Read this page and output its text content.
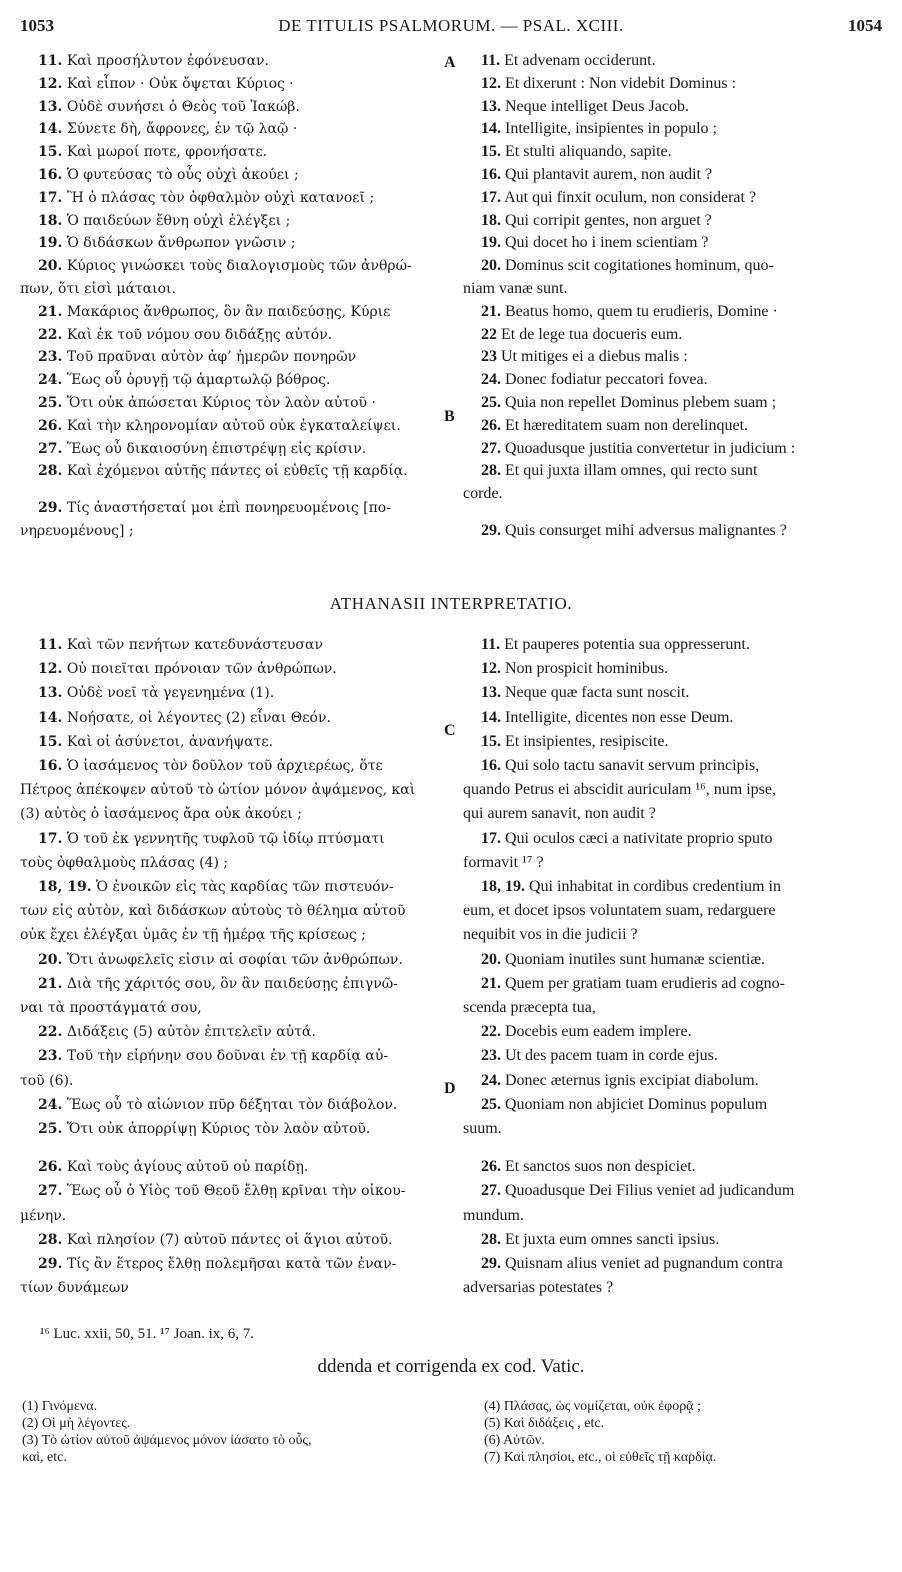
1053	DE TITULIS PSALMORUM. — PSAL. XCIII.	1054
11. Καὶ προσήλυτον ἐφόνευσαν.
12. Καὶ εἶπον · Οὐκ ὄψεται Κύριος ·
13. Οὐδὲ συνήσει ὁ Θεὸς τοῦ Ἰακώβ.
14. Σύνετε δὴ, ἄφρονες, ἐν τῷ λαῷ ·
15. Καὶ μωροί ποτε, φρονήσατε.
16. Ὁ φυτεύσας τὸ οὖς οὐχὶ ἀκούει ;
17. Ἢ ὁ πλάσας τὸν ὀφθαλμὸν οὐχὶ κατανοεῖ ;
18. Ὁ παιδεύων ἔθνη οὐχὶ ἐλέγξει ;
19. Ὁ διδάσκων ἄνθρωπον γνῶσιν ;
20. Κύριος γινώσκει τοὺς διαλογισμοὺς τῶν ἀνθρώ-
πων, ὅτι εἰσὶ μάταιοι.
21. Μακάριος ἄνθρωπος, ὃν ἂν παιδεύσῃς, Κύριε
22. Καὶ ἐκ τοῦ νόμου σου διδάξῃς αὐτόν.
23. Τοῦ πραῦναι αὐτὸν ἀφ’ ἡμερῶν πονηρῶν
24. Ἕως οὗ ὀρυγῇ τῷ ἁμαρτωλῷ βόθρος.
25. Ὅτι οὐκ ἀπώσεται Κύριος τὸν λαὸν αὐτοῦ ·
26. Καὶ τὴν κληρονομίαν αὐτοῦ οὐκ ἐγκαταλείψει.
27. Ἕως οὗ δικαιοσύνη ἐπιστρέψῃ εἰς κρίσιν.
28. Καὶ ἐχόμενοι αὐτῆς πάντες οἱ εὐθεῖς τῇ καρδίᾳ.
29. Τίς ἀναστήσεταί μοι ἐπὶ πονηρευομένοις [πο-
νηρευομένους] ;
11. Et advenam occiderunt.
12. Et dixerunt : Non videbit Dominus :
13. Neque intelliget Deus Jacob.
14. Intelligite, insipientes in populo ;
15. Et stulti aliquando, sapite.
16. Qui plantavit aurem, non audit ?
17. Aut qui finxit oculum, non considerat ?
18. Qui corripit gentes, non arguet ?
19. Qui docet ho i inem scientiam ?
20. Dominus scit cogitationes hominum, quo-
niam vanæ sunt.
21. Beatus homo, quem tu erudieris, Domine ·
22 Et de lege tua docueris eum.
23 Ut mitiges ei a diebus malis :
24. Donec fodiatur peccatori fovea.
25. Quia non repellet Dominus plebem suam ;
26. Et hæreditatem suam non derelinquet.
27. Quoadusque justitia convertetur in judicium :
28. Et qui juxta illam omnes, qui recto sunt
corde.
29. Quis consurget mihi adversus malignantes ?
A
B
ATHANASII INTERPRETATIO.
11. Καὶ τῶν πενήτων κατεδυνάστευσαν
12. Οὐ ποιεῖται πρόνοιαν τῶν ἀνθρώπων.
13. Οὐδὲ νοεῖ τὰ γεγενημένα (1).
14. Νοήσατε, οἱ λέγοντες (2) εἶναι Θεόν.
15. Καὶ οἱ ἀσύνετοι, ἀνανήψατε.
16. Ὁ ἰασάμενος τὸν δοῦλον τοῦ ἀρχιερέως, ὅτε
Πέτρος ἀπέκοψεν αὐτοῦ τὸ ὠτίον μόνον ἀψάμενος, καὶ
(3) αὐτὸς ὁ ἰασάμενος ἄρα οὐκ ἀκούει ;
17. Ὁ τοῦ ἐκ γεννητῆς τυφλοῦ τῷ ἰδίῳ πτύσματι
τοὺς ὀφθαλμοὺς πλάσας (4) ;
18, 19. Ὁ ἐνοικῶν εἰς τὰς καρδίας τῶν πιστευόν-
των εἰς αὐτὸν, καὶ διδάσκων αὐτοὺς τὸ θέλημα αὐτοῦ
οὐκ ἔχει ἐλέγξαι ὑμᾶς ἐν τῇ ἡμέρᾳ τῆς κρίσεως ;
20. Ὅτι ἀνωφελεῖς εἰσιν αἱ σοφίαι τῶν ἀνθρώπων.
21. Διὰ τῆς χάριτός σου, ὃν ἂν παιδεύσῃς ἐπιγνῶ-
ναι τὰ προστάγματά σου,
22. Διδάξεις (5) αὐτὸν ἐπιτελεῖν αὐτά.
23. Τοῦ τὴν εἰρήνην σου δοῦναι ἐν τῇ καρδίᾳ αὐ-
τοῦ (6).
24. Ἕως οὗ τὸ αἰώνιον πῦρ δέξηται τὸν διάβολον.
25. Ὅτι οὐκ ἀπορρίψῃ Κύριος τὸν λαὸν αὐτοῦ.
26. Καὶ τοὺς ἁγίους αὐτοῦ οὐ παρίδῃ.
27. Ἕως οὗ ὁ Υἱὸς τοῦ Θεοῦ ἔλθῃ κρῖναι τὴν οἰκου-
μένην.
28. Καὶ πλησίον (7) αὐτοῦ πάντες οἱ ἅγιοι αὐτοῦ.
29. Τίς ἂν ἕτερος ἔλθῃ πολεμῆσαι κατὰ τῶν ἐναν-
τίων δυνάμεων
11. Et pauperes potentia sua oppresserunt.
12. Non prospicit hominibus.
13. Neque quæ facta sunt noscit.
14. Intelligite, dicentes non esse Deum.
15. Et insipientes, resipiscite.
16. Qui solo tactu sanavit servum principis,
quando Petrus ei abscidit auriculam ¹⁶, num ipse,
qui aurem sanavit, non audit ?
17. Qui oculos cæci a nativitate proprio sputo
formavit ¹⁷ ?
18, 19. Qui inhabitat in cordibus credentium in
eum, et docet ipsos voluntatem suam, redarguere
nequibit vos in die judicii ?
20. Quoniam inutiles sunt humanæ scientiæ.
21. Quem per gratiam tuam erudieris ad cogno-
scenda præcepta tua,
22. Docebis eum eadem implere.
23. Ut des pacem tuam in corde ejus.
24. Donec æternus ignis excipiat diabolum.
25. Quoniam non abjiciet Dominus populum
suum.
26. Et sanctos suos non despiciet.
27. Quoadusque Dei Filius veniet ad judicandum
mundum.
28. Et juxta eum omnes sancti ipsius.
29. Quisnam alius veniet ad pugnandum contra
adversarias potestates ?
C
D
¹⁶ Luc. xxii, 50, 51. ¹⁷ Joan. ix, 6, 7.
ddenda et corrigenda ex cod. Vatic.
(1) Γινόμενα.
(2) Οἱ μὴ λέγοντες.
(3) Τὸ ὠτίον αὐτοῦ ἀψάμενος μόνον ἰάσατο τὸ οὖς,
καὶ, etc.
(4) Πλάσας, ὡς νομίζεται, οὐκ ἐφορᾷ ;
(5) Καὶ διδάξεις , etc.
(6) Αὐτῶν.
(7) Καὶ πλησίοι, etc., οἱ εὐθεῖς τῇ καρδίᾳ.
